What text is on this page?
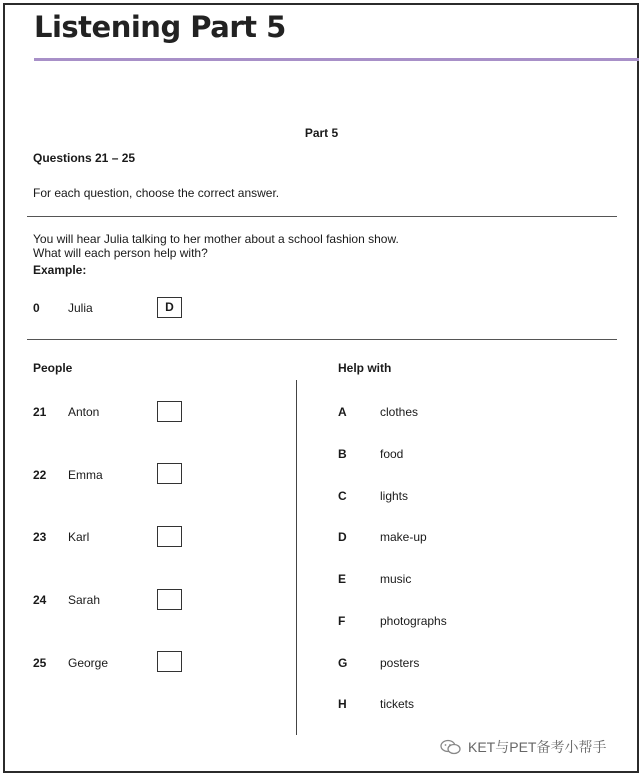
Listening Part 5
Part 5
Questions 21 – 25
For each question, choose the correct answer.
You will hear Julia talking to her mother about a school fashion show.
What will each person help with?
Example:
0 Julia	D
People	Help with
21 Anton
22 Emma
23 Karl
24 Sarah
25 George
A	clothes
B	food
C	lights
D	make-up
E	music
F	photographs
G	posters
H	tickets
KET与PET备考小帮手
